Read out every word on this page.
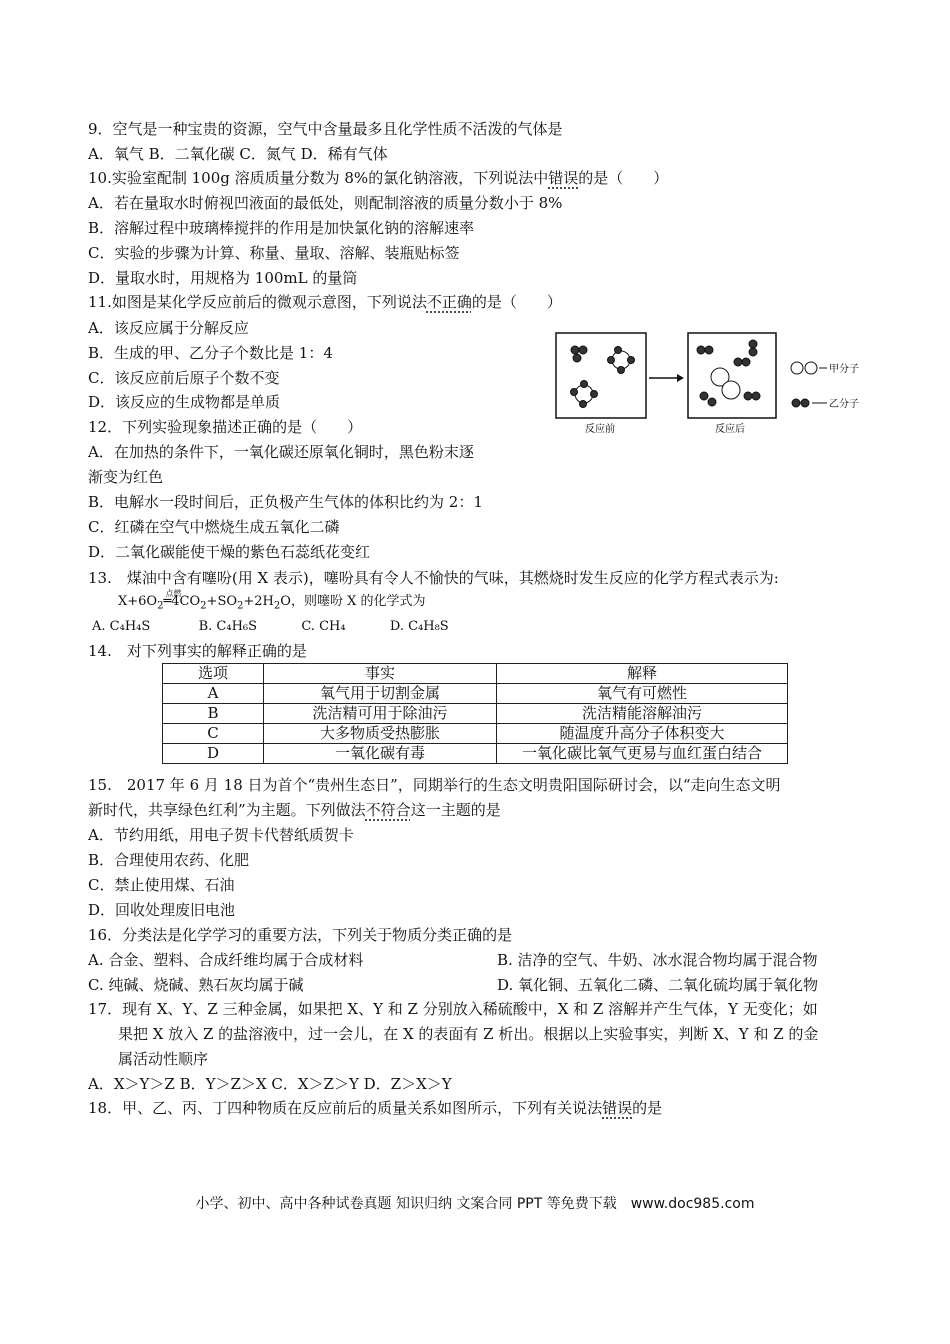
9．空气是一种宝贵的资源，空气中含量最多且化学性质不活泼的气体是
A．氧气 B．二氧化碳 C．氮气 D．稀有气体
10.实验室配制 100g 溶质质量分数为 8%的氯化钠溶液，下列说法中错误的是（　　）
A．若在量取水时俯视凹液面的最低处，则配制溶液的质量分数小于 8%
B．溶解过程中玻璃棒搅拌的作用是加快氯化钠的溶解速率
C．实验的步骤为计算、称量、量取、溶解、装瓶贴标签
D．量取水时，用规格为 100mL 的量筒
11.如图是某化学反应前后的微观示意图，下列说法不正确的是（　　）
A．该反应属于分解反应
B．生成的甲、乙分子个数比是 1：4
C．该反应前后原子个数不变
D．该反应的生成物都是单质
甲分子
乙分子
反应前	反应后
12．下列实验现象描述正确的是（　　）
A．在加热的条件下，一氧化碳还原氧化铜时，黑色粉末逐
渐变为红色
B．电解水一段时间后，正负极产生气体的体积比约为 2：1
C．红磷在空气中燃烧生成五氧化二磷
D．二氧化碳能使干燥的紫色石蕊纸花变红
13.　煤油中含有噻吩(用 X 表示)，噻吩具有令人不愉快的气味，其燃烧时发生反应的化学方程式表示为:
$X+6O_2$
点燃
$═4CO_2+SO_2+2H_2O$，则噻吩 X 的化学式为
A. C₄H₄S	B. C₄H₆S	C. CH₄	D. C₄H₈S
14.　对下列事实的解释正确的是
选项	事实	解释
A	氧气用于切割金属	氧气有可燃性
B	洗洁精可用于除油污	洗洁精能溶解油污
C	大多物质受热膨胀	随温度升高分子体积变大
D	一氧化碳有毒	一氧化碳比氧气更易与血红蛋白结合
15.　2017 年 6 月 18 日为首个“贵州生态日”，同期举行的生态文明贵阳国际研讨会，以“走向生态文明
新时代，共享绿色红利”为主题。下列做法不符合这一主题的是
A．节约用纸，用电子贺卡代替纸质贺卡
B．合理使用农药、化肥
C．禁止使用煤、石油
D．回收处理废旧电池
16．分类法是化学学习的重要方法，下列关于物质分类正确的是
A. 合金、塑料、合成纤维均属于合成材料	B. 洁净的空气、牛奶、冰水混合物均属于混合物
C. 纯碱、烧碱、熟石灰均属于碱	D. 氧化铜、五氧化二磷、二氧化硫均属于氧化物
17．现有 X、Y、Z 三种金属，如果把 X、Y 和 Z 分别放入稀硫酸中，X 和 Z 溶解并产生气体，Y 无变化；如
果把 X 放入 Z 的盐溶液中，过一会儿，在 X 的表面有 Z 析出。根据以上实验事实，判断 X、Y 和 Z 的金
属活动性顺序
A．X＞Y＞Z B．Y＞Z＞X C．X＞Z＞Y D．Z＞X＞Y
18．甲、乙、丙、丁四种物质在反应前后的质量关系如图所示，下列有关说法错误的是
小学、初中、高中各种试卷真题 知识归纳 文案合同 PPT 等免费下载　www.doc985.com
